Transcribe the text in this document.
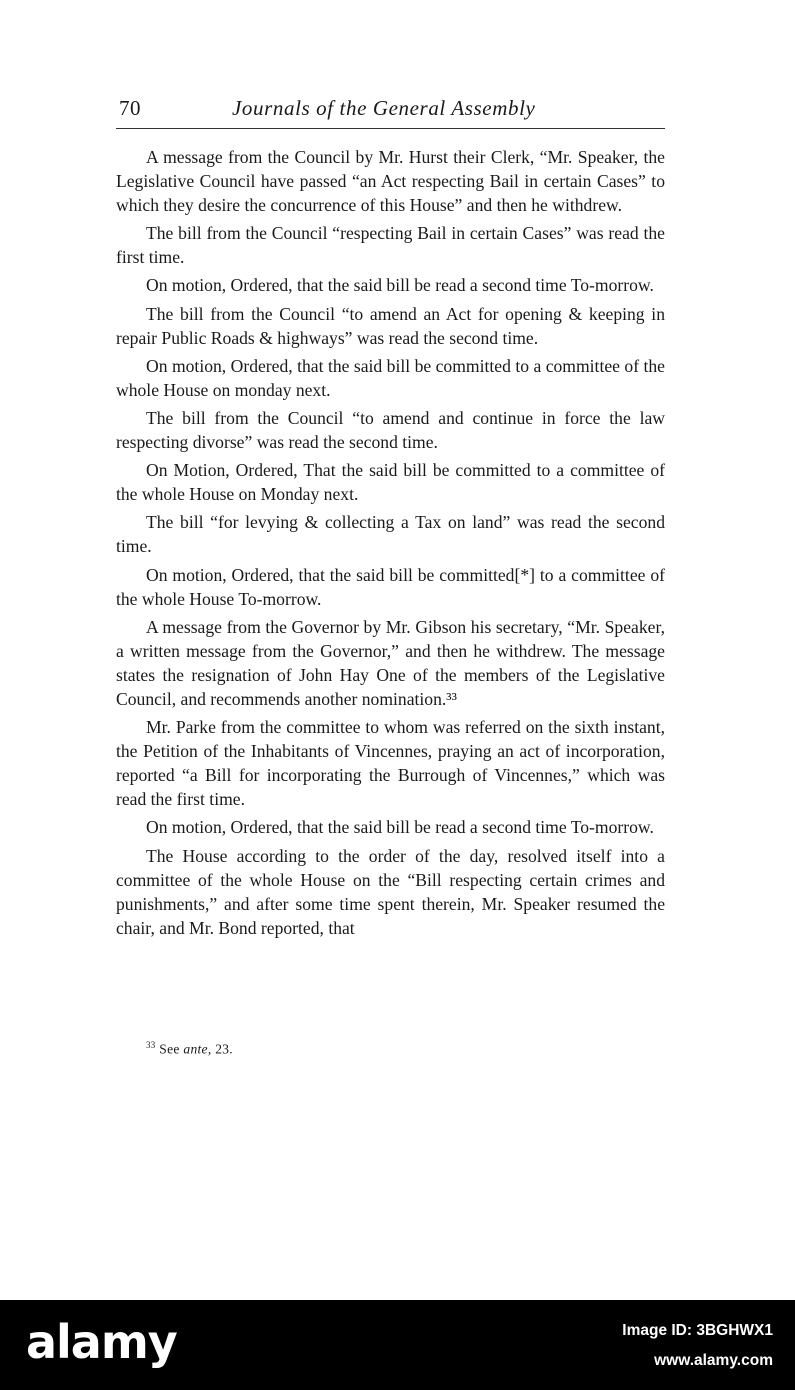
70	Journals of the General Assembly

A message from the Council by Mr. Hurst their Clerk, “Mr. Speaker, the Legislative Council have passed “an Act respecting Bail in certain Cases” to which they desire the concurrence of this House” and then he withdrew.

The bill from the Council “respecting Bail in certain Cases” was read the first time.

On motion, Ordered, that the said bill be read a second time To-morrow.

The bill from the Council “to amend an Act for opening & keeping in repair Public Roads & highways” was read the second time.

On motion, Ordered, that the said bill be committed to a committee of the whole House on monday next.

The bill from the Council “to amend and continue in force the law respecting divorse” was read the second time.

On Motion, Ordered, That the said bill be committed to a committee of the whole House on Monday next.

The bill “for levying & collecting a Tax on land” was read the second time.

On motion, Ordered, that the said bill be committed[*] to a committee of the whole House To-morrow.

A message from the Governor by Mr. Gibson his secretary, “Mr. Speaker, a written message from the Governor,” and then he withdrew. The message states the resignation of John Hay One of the members of the Legislative Council, and recommends another nomination.³³

Mr. Parke from the committee to whom was referred on the sixth instant, the Petition of the Inhabitants of Vincennes, praying an act of incorporation, reported “a Bill for incorporating the Burrough of Vincennes,” which was read the first time.

On motion, Ordered, that the said bill be read a second time To-morrow.

The House according to the order of the day, resolved itself into a committee of the whole House on the “Bill respecting certain crimes and punishments,” and after some time spent therein, Mr. Speaker resumed the chair, and Mr. Bond reported, that

$^{33}$ See ante, 23.
alamy	Image ID: 3BGHWX1
www.alamy.com
